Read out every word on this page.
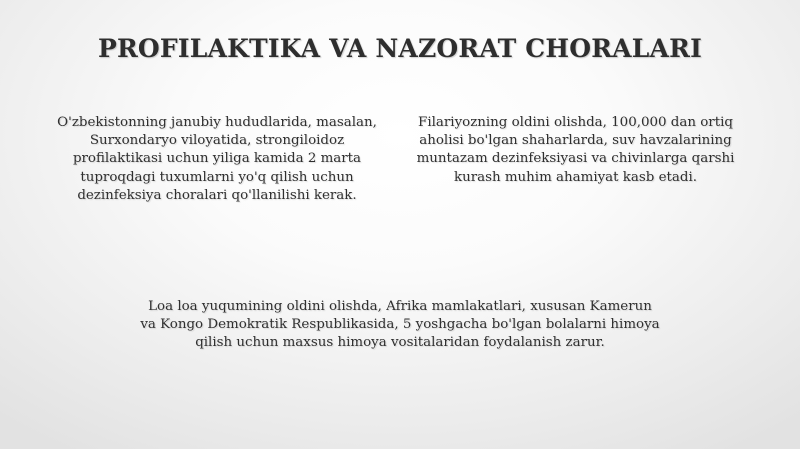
PROFILAKTIKA VA NAZORAT CHORALARI

O'zbekistonning janubiy hududlarida, masalan, Surxondaryo viloyatida, strongiloidoz profilaktikasi uchun yiliga kamida 2 marta tuproqdagi tuxumlarni yo'q qilish uchun dezinfeksiya choralari qo'llanilishi kerak.

Filariyozning oldini olishda, 100,000 dan ortiq aholisi bo'lgan shaharlarda, suv havzalarining muntazam dezinfeksiyasi va chivinlarga qarshi kurash muhim ahamiyat kasb etadi.

Loa loa yuqumining oldini olishda, Afrika mamlakatlari, xususan Kamerun va Kongo Demokratik Respublikasida, 5 yoshgacha bo'lgan bolalarni himoya qilish uchun maxsus himoya vositalaridan foydalanish zarur.
